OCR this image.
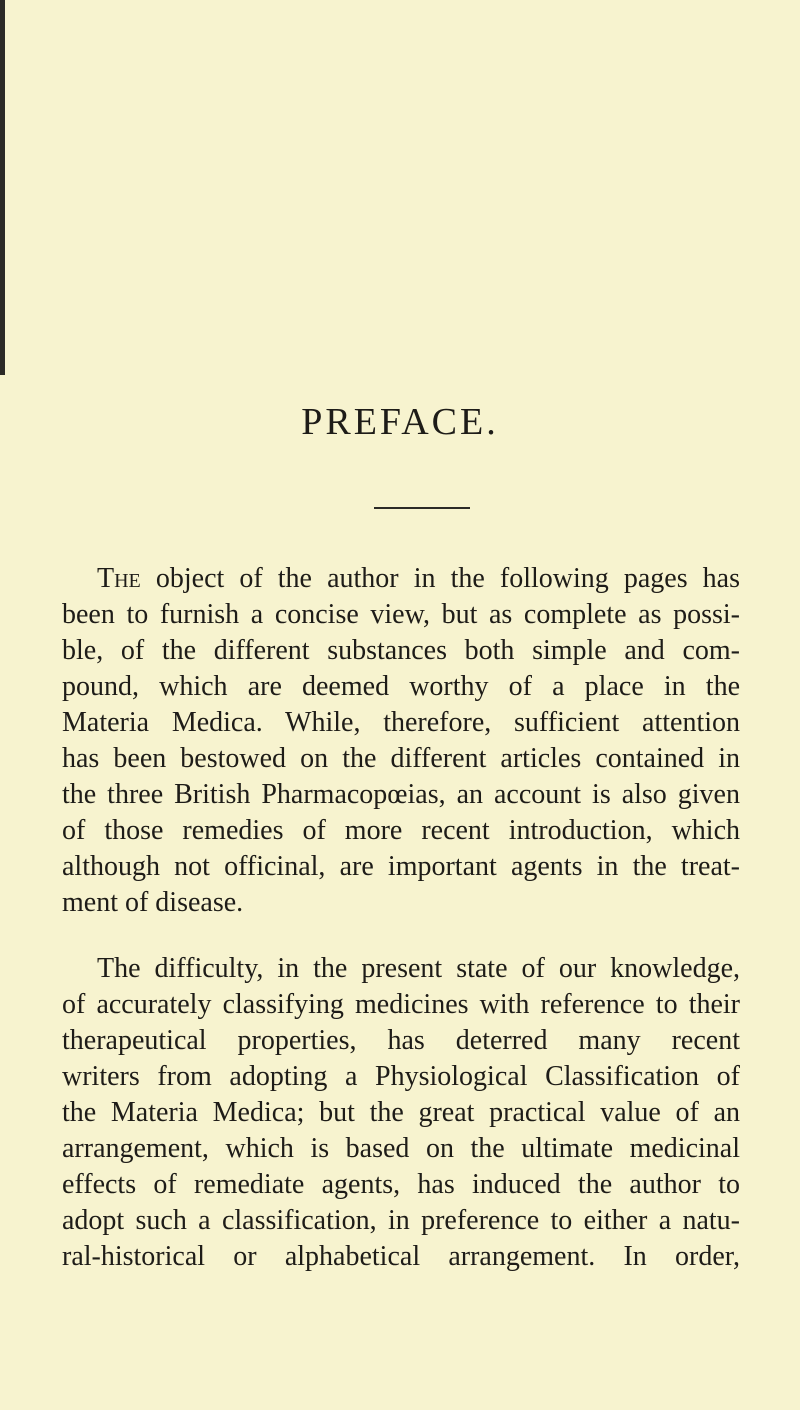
PREFACE.
The object of the author in the following pages has
been to furnish a concise view, but as complete as possi-
ble, of the different substances both simple and com-
pound, which are deemed worthy of a place in the
Materia Medica. While, therefore, sufficient attention
has been bestowed on the different articles contained in
the three British Pharmacopœias, an account is also given
of those remedies of more recent introduction, which
although not officinal, are important agents in the treat-
ment of disease.
The difficulty, in the present state of our knowledge,
of accurately classifying medicines with reference to their
therapeutical properties, has deterred many recent
writers from adopting a Physiological Classification of
the Materia Medica; but the great practical value of an
arrangement, which is based on the ultimate medicinal
effects of remediate agents, has induced the author to
adopt such a classification, in preference to either a natu-
ral-historical or alphabetical arrangement. In order,
